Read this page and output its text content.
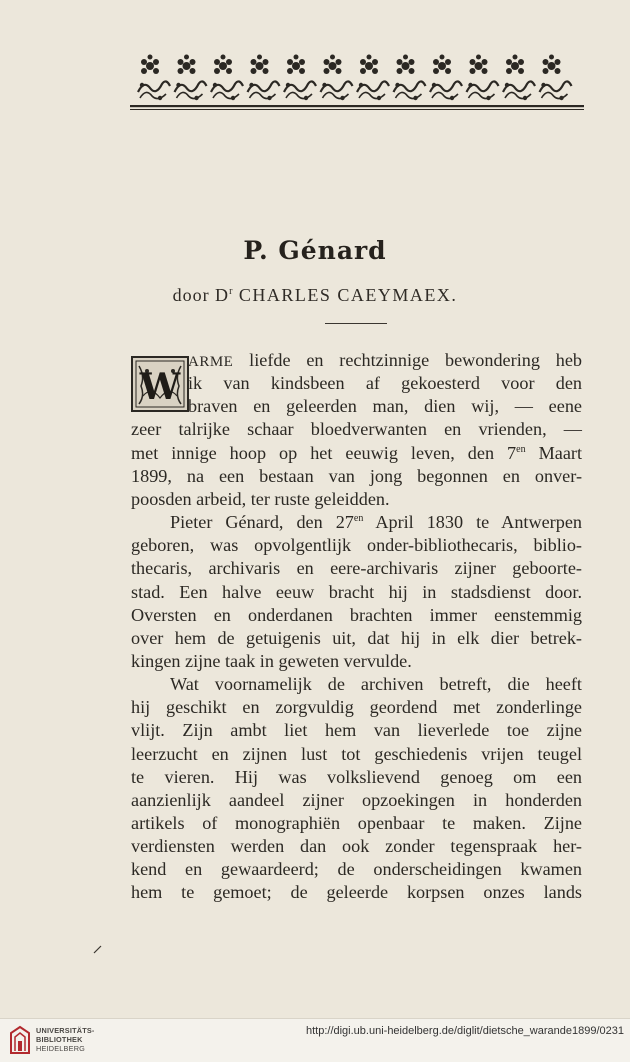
P. Génard
door $D^r$ CHARLES CAEYMAEX.
W
ARME liefde en rechtzinnige bewondering heb
ik van kindsbeen af gekoesterd voor den
braven en geleerden man, dien wij, — eene
zeer talrijke schaar bloedverwanten en vrienden, —
met innige hoop op het eeuwig leven, den $7^{en}$ Maart
1899, na een bestaan van jong begonnen en onver-
poosden arbeid, ter ruste geleidden.
Pieter Génard, den $27^{en}$ April 1830 te Antwerpen
geboren, was opvolgentlijk onder-bibliothecaris, biblio-
thecaris, archivaris en eere-archivaris zijner geboorte-
stad. Een halve eeuw bracht hij in stadsdienst door.
Oversten en onderdanen brachten immer eenstemmig
over hem de getuigenis uit, dat hij in elk dier betrek-
kingen zijne taak in geweten vervulde.
Wat voornamelijk de archiven betreft, die heeft
hij geschikt en zorgvuldig geordend met zonderlinge
vlijt. Zijn ambt liet hem van lieverlede toe zijne
leerzucht en zijnen lust tot geschiedenis vrijen teugel
te vieren. Hij was volkslievend genoeg om een
aanzienlijk aandeel zijner opzoekingen in honderden
artikels of monographiën openbaar te maken. Zijne
verdiensten werden dan ook zonder tegenspraak her-
kend en gewaardeerd; de onderscheidingen kwamen
hem te gemoet; de geleerde korpsen onzes lands
UNIVERSITÄTS-
BIBLIOTHEK
HEIDELBERG
http://digi.ub.uni-heidelberg.de/diglit/dietsche_warande1899/0231
